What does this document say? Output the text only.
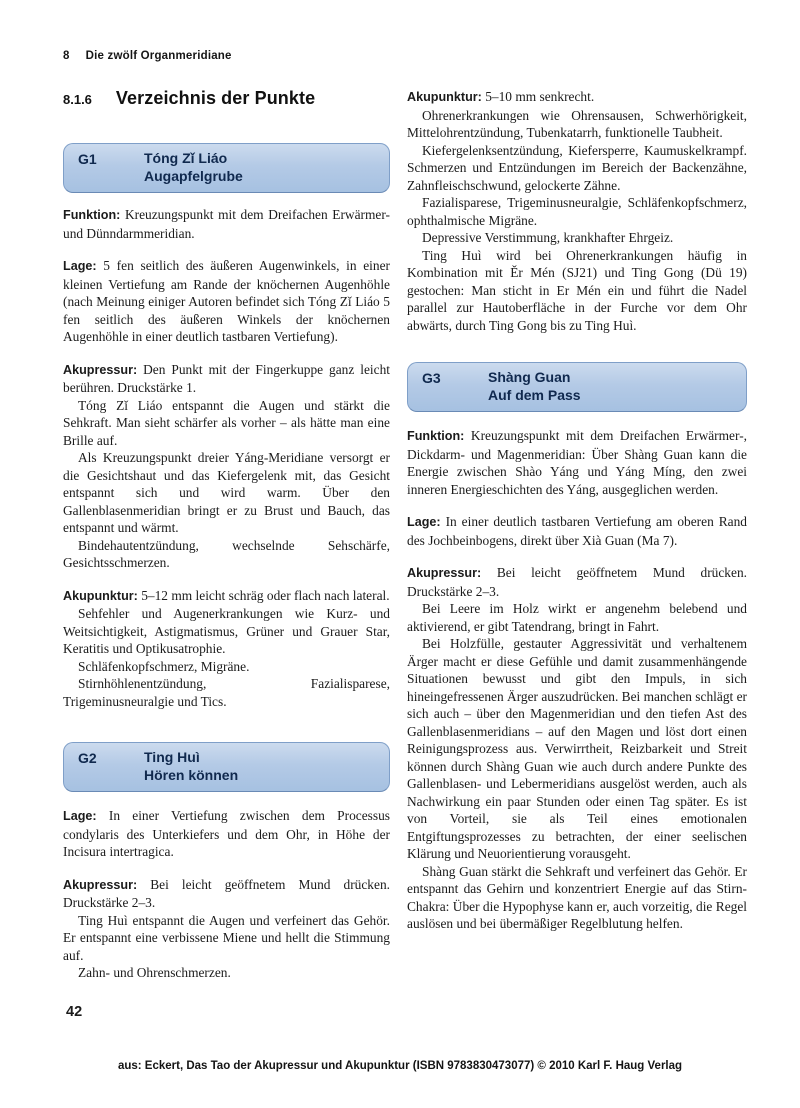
8 Die zwölf Organmeridiane
8.1.6 Verzeichnis der Punkte
G1	Tóng Zǐ Liáo
Augapfelgrube

Funktion: Kreuzungspunkt mit dem Dreifachen Erwärmer- und Dünndarmmeridian.

Lage: 5 fen seitlich des äußeren Augenwinkels, in einer kleinen Vertiefung am Rande der knöchernen Augenhöhle (nach Meinung einiger Autoren befindet sich Tóng Zǐ Liáo 5 fen seitlich des äußeren Winkels der knöchernen Augenhöhle in einer deutlich tastbaren Vertiefung).

Akupressur: Den Punkt mit der Fingerkuppe ganz leicht berühren. Druckstärke 1.

Tóng Zǐ Liáo entspannt die Augen und stärkt die Sehkraft. Man sieht schärfer als vorher – als hätte man eine Brille auf.

Als Kreuzungspunkt dreier Yáng-Meridiane versorgt er die Gesichtshaut und das Kiefergelenk mit, das Gesicht entspannt sich und wird warm. Über den Gallenblasenmeridian bringt er zu Brust und Bauch, das entspannt und wärmt.

Bindehautentzündung, wechselnde Sehschärfe, Gesichtsschmerzen.

Akupunktur: 5–12 mm leicht schräg oder flach nach lateral.

Sehfehler und Augenerkrankungen wie Kurz- und Weitsichtigkeit, Astigmatismus, Grüner und Grauer Star, Keratitis und Optikusatrophie.

Schläfenkopfschmerz, Migräne.

Stirnhöhlenentzündung, Fazialisparese, Trigeminusneuralgie und Tics.

G2	Ting Huì
Hören können

Lage: In einer Vertiefung zwischen dem Processus condylaris des Unterkiefers und dem Ohr, in Höhe der Incisura intertragica.

Akupressur: Bei leicht geöffnetem Mund drücken. Druckstärke 2–3.

Ting Huì entspannt die Augen und verfeinert das Gehör. Er entspannt eine verbissene Miene und hellt die Stimmung auf.

Zahn- und Ohrenschmerzen.

Akupunktur: 5–10 mm senkrecht.

Ohrenerkrankungen wie Ohrensausen, Schwerhörigkeit, Mittelohrentzündung, Tubenkatarrh, funktionelle Taubheit.

Kiefergelenksentzündung, Kiefersperre, Kaumuskelkrampf. Schmerzen und Entzündungen im Bereich der Backenzähne, Zahnfleischschwund, gelockerte Zähne.

Fazialisparese, Trigeminusneuralgie, Schläfenkopfschmerz, ophthalmische Migräne.

Depressive Verstimmung, krankhafter Ehrgeiz.

Ting Huì wird bei Ohrenerkrankungen häufig in Kombination mit Ěr Mén (SJ21) und Ting Gong (Dü 19) gestochen: Man sticht in Er Mén ein und führt die Nadel parallel zur Hautoberfläche in der Furche vor dem Ohr abwärts, durch Ting Gong bis zu Ting Huì.

G3	Shàng Guan
Auf dem Pass

Funktion: Kreuzungspunkt mit dem Dreifachen Erwärmer-, Dickdarm- und Magenmeridian: Über Shàng Guan kann die Energie zwischen Shào Yáng und Yáng Míng, den zwei inneren Energieschichten des Yáng, ausgeglichen werden.

Lage: In einer deutlich tastbaren Vertiefung am oberen Rand des Jochbeinbogens, direkt über Xià Guan (Ma 7).

Akupressur: Bei leicht geöffnetem Mund drücken. Druckstärke 2–3.

Bei Leere im Holz wirkt er angenehm belebend und aktivierend, er gibt Tatendrang, bringt in Fahrt.

Bei Holzfülle, gestauter Aggressivität und verhaltenem Ärger macht er diese Gefühle und damit zusammenhängende Situationen bewusst und gibt den Impuls, in sich hineingefressenen Ärger auszudrücken. Bei manchen schlägt er sich auch – über den Magenmeridian und den tiefen Ast des Gallenblasenmeridians – auf den Magen und löst dort einen Reinigungsprozess aus. Verwirrtheit, Reizbarkeit und Streit können durch Shàng Guan wie auch durch andere Punkte des Gallenblasen- und Lebermeridians ausgelöst werden, auch als Nachwirkung ein paar Stunden oder einen Tag später. Es ist von Vorteil, sie als Teil eines emotionalen Entgiftungsprozesses zu betrachten, der einer seelischen Klärung und Neuorientierung vorausgeht.

Shàng Guan stärkt die Sehkraft und verfeinert das Gehör. Er entspannt das Gehirn und konzentriert Energie auf das Stirn-Chakra: Über die Hypophyse kann er, auch vorzeitig, die Regel auslösen und bei übermäßiger Regelblutung helfen.

42
aus: Eckert, Das Tao der Akupressur und Akupunktur (ISBN 9783830473077) © 2010 Karl F. Haug Verlag
